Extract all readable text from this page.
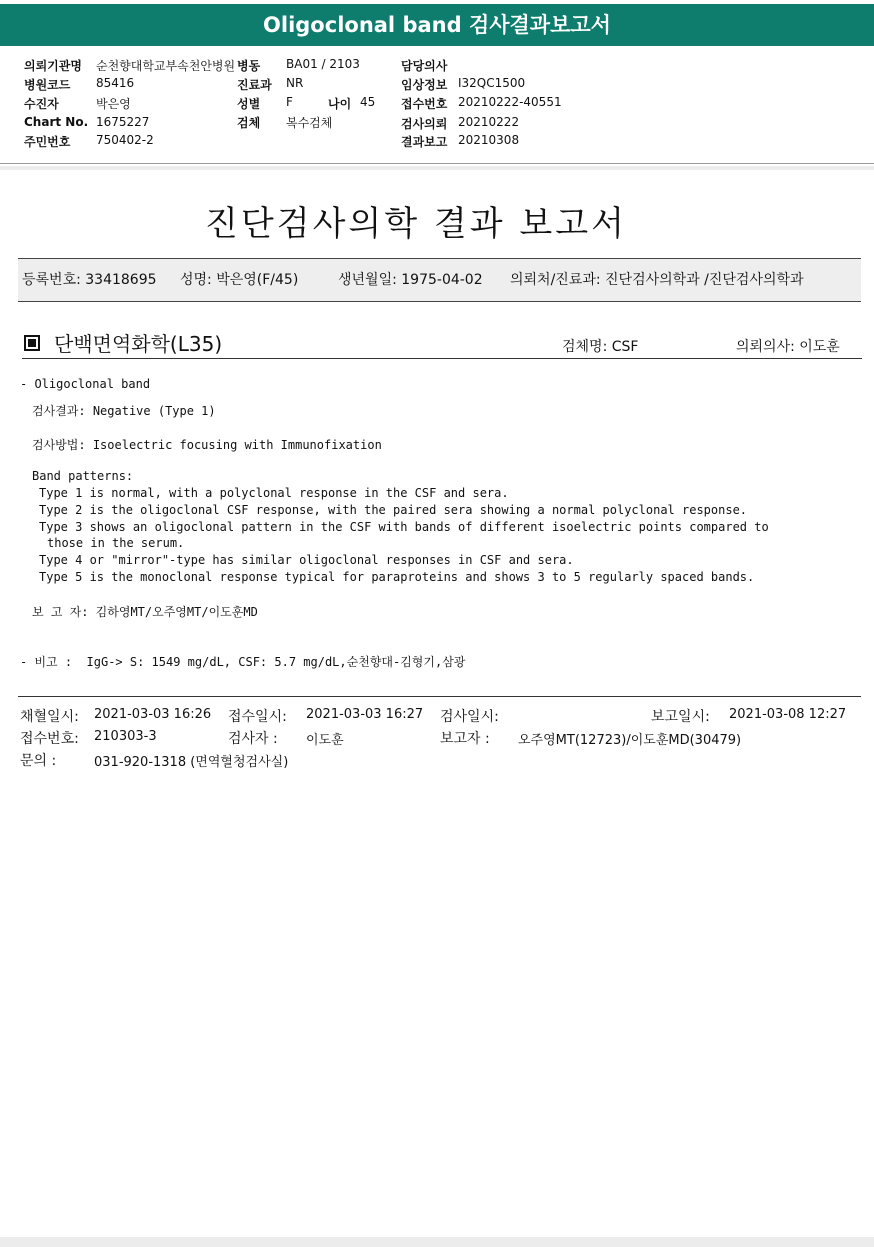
Oligoclonal band 검사결과보고서
의뢰기관명 순천향대학교부속천안병원 병동 BA01 / 2103	담당의사
병원코드 85416	진료과 NR	임상정보 I32QC1500
수진자	박은영	성별 F	나이 45 접수번호 20210222-40551
Chart No. 1675227	검체 복수검체	검사의뢰 20210222
주민번호 750402-2	결과보고 20210308
진단검사의학 결과 보고서
등록번호: 33418695 성명: 박은영(F/45)	생년월일: 1975-04-02 의뢰처/진료과: 진단검사의학과 /진단검사의학과
단백면역화학(L35)	검체명: CSF	의뢰의사: 이도훈
- Oligoclonal band
검사결과: Negative (Type 1)
검사방법: Isoelectric focusing with Immunofixation
Band patterns:
Type 1 is normal, with a polyclonal response in the CSF and sera.
Type 2 is the oligoclonal CSF response, with the paired sera showing a normal polyclonal response.
Type 3 shows an oligoclonal pattern in the CSF with bands of different isoelectric points compared to
those in the serum.
Type 4 or "mirror"-type has similar oligoclonal responses in CSF and sera.
Type 5 is the monoclonal response typical for paraproteins and shows 3 to 5 regularly spaced bands.
보 고 자: 김하영MT/오주영MT/이도훈MD
- 비고 :  IgG-> S: 1549 mg/dL, CSF: 5.7 mg/dL,순천향대-김형기,삼광
채혈일시: 2021-03-03 16:26 접수일시: 2021-03-03 16:27 검사일시:	보고일시: 2021-03-08 12:27
접수번호: 210303-3	검사자 : 이도훈	보고자 : 오주영MT(12723)/이도훈MD(30479)
문의 :	031-920-1318 (면역혈청검사실)
